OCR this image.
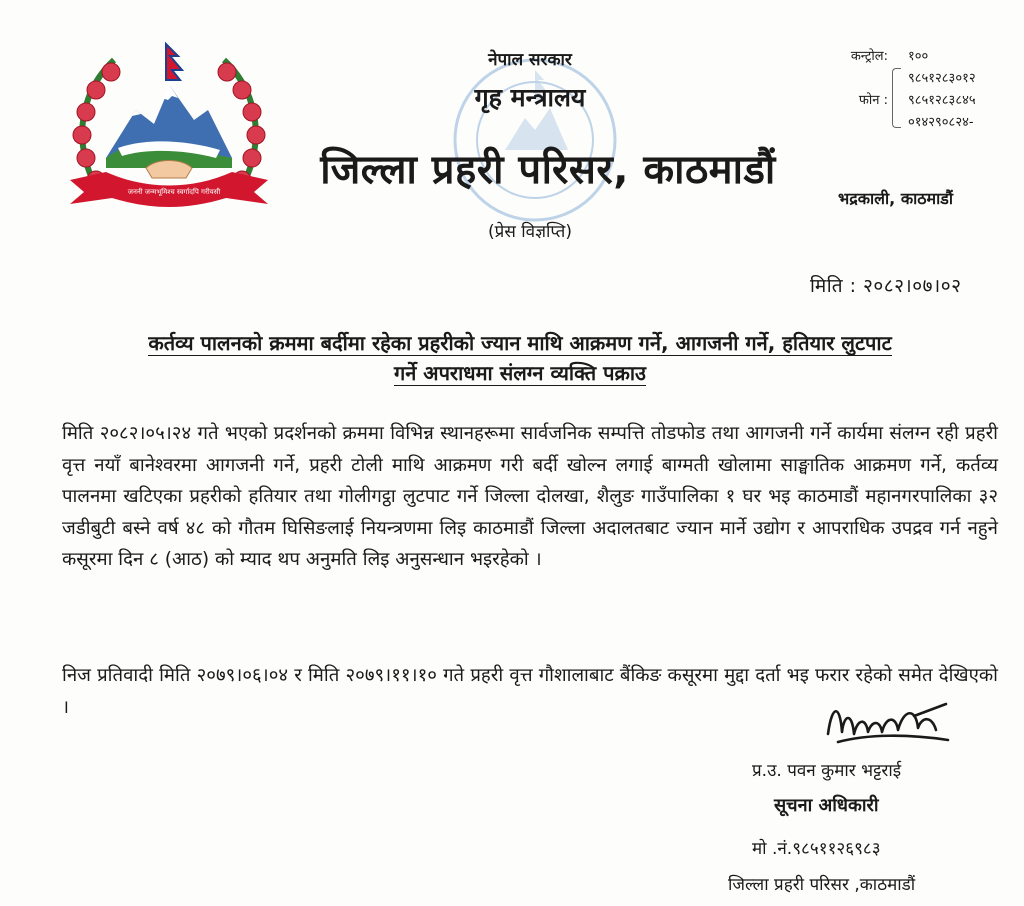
जननी जन्मभूमिश्च स्वर्गादपि गरीयसी
नेपाल सरकार
गृह मन्त्रालय
जिल्ला प्रहरी परिसर, काठमाडौं
(प्रेस विज्ञप्ति)
कन्ट्रोल: १००
९८५१२८३०१२
फोन : ९८५१२८३८४५
०१४२९०८२४-
भद्रकाली, काठमाडौं
मिति : २०८२।०७।०२
कर्तव्य पालनको क्रममा बर्दीमा रहेका प्रहरीको ज्यान माथि आक्रमण गर्ने, आगजनी गर्ने, हतियार लुटपाट
गर्ने अपराधमा संलग्न व्यक्ति पक्राउ
मिति २०८२।०५।२४ गते भएको प्रदर्शनको क्रममा विभिन्न स्थानहरूमा सार्वजनिक सम्पत्ति तोडफोड तथा आगजनी गर्ने कार्यमा संलग्न रही प्रहरी वृत्त नयाँ बानेश्वरमा आगजनी गर्ने, प्रहरी टोली माथि आक्रमण गरी बर्दी खोल्न लगाई बाग्मती खोलामा साङ्घातिक आक्रमण गर्ने, कर्तव्य पालनमा खटिएका प्रहरीको हतियार तथा गोलीगट्ठा लुटपाट गर्ने जिल्ला दोलखा, शैलुङ गाउँपालिका १ घर भइ काठमाडौं महानगरपालिका ३२ जडीबुटी बस्ने वर्ष ४८ को गौतम घिसिङलाई नियन्त्रणमा लिइ काठमाडौं जिल्ला अदालतबाट ज्यान मार्ने उद्योग र आपराधिक उपद्रव गर्न नहुने कसूरमा दिन ८ (आठ) को म्याद थप अनुमति लिइ अनुसन्धान भइरहेको ।
निज प्रतिवादी मिति २०७९।०६।०४ र मिति २०७९।११।१० गते प्रहरी वृत्त गौशालाबाट बैंकिङ कसूरमा मुद्दा दर्ता भइ फरार रहेको समेत देखिएको ।
प्र.उ. पवन कुमार भट्टराई
सूचना अधिकारी
मो .नं.९८५११२६९८३
जिल्ला प्रहरी परिसर ,काठमाडौं
